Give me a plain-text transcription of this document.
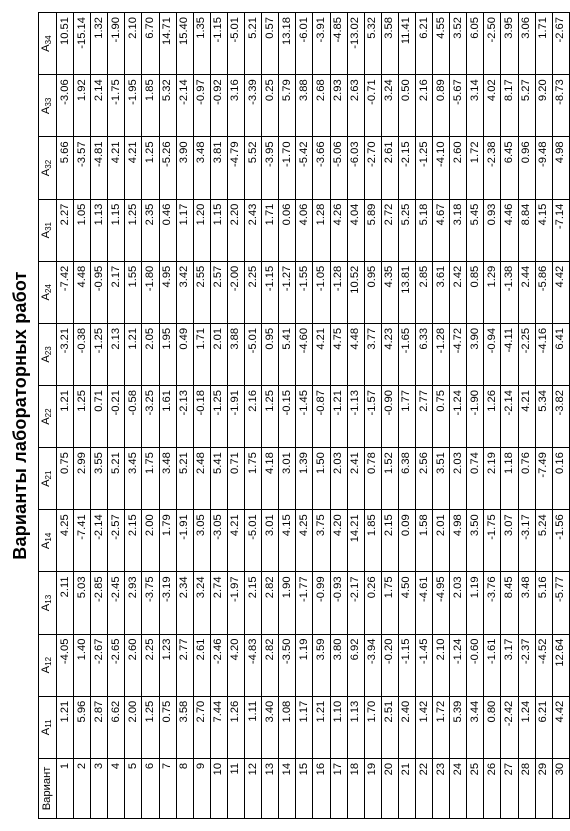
Варианты лабораторных работ
Вариант	$A_{11}$	$A_{12}$	$A_{13}$	$A_{14}$	$A_{21}$	$A_{22}$	$A_{23}$	$A_{24}$	$A_{31}$	$A_{32}$	$A_{33}$	$A_{34}$
1	1.21	-4.05	2.11	4.25	0.75	1.21	-3.21	-7.42	2.27	5.66	-3.06	10.51
2	5.96	1.40	5.03	-7.41	2.99	1.25	-0.38	4.48	1.05	-3.57	1.92	-15.14
3	2.87	-2.67	-2.85	-2.14	3.55	0.71	-1.25	-0.95	1.13	-4.81	2.14	1.32
4	6.62	-2.65	-2.45	-2.57	5.21	-0.21	2.13	2.17	1.15	4.21	-1.75	-1.90
5	2.00	2.60	2.93	2.15	3.45	-0.58	1.21	1.55	1.25	4.21	-1.95	2.10
6	1.25	2.25	-3.75	2.00	1.75	-3.25	2.05	-1.80	2.35	1.25	1.85	6.70
7	0.75	1.23	-3.19	1.79	3.48	1.61	1.95	4.95	0.46	-5.26	5.32	14.71
8	3.58	2.77	2.34	-1.91	5.21	-2.13	0.49	3.42	1.17	3.90	-2.14	15.40
9	2.70	2.61	3.24	3.05	2.48	-0.18	1.71	2.55	1.20	3.48	-0.97	1.35
10	7.44	-2.46	2.74	-3.05	5.41	-1.25	2.01	2.57	1.15	3.81	-0.92	-1.15
11	1.26	4.20	-1.97	4.21	0.71	-1.91	3.88	-2.00	2.20	-4.79	3.16	-5.01
12	1.11	-4.83	2.15	-5.01	1.75	2.16	-5.01	2.25	2.43	5.52	-3.39	5.21
13	3.40	2.82	2.82	3.01	4.18	1.25	0.95	-1.15	1.71	-3.95	0.25	0.57
14	1.08	-3.50	1.90	4.15	3.01	-0.15	5.41	-1.27	0.06	-1.70	5.79	13.18
15	1.17	1.19	-1.77	4.25	1.39	-1.45	-4.60	-1.55	4.06	-5.42	3.88	-6.01
16	1.21	3.59	-0.99	3.75	1.50	-0.87	4.21	-1.05	1.28	-3.66	2.68	-3.91
17	1.10	3.80	-0.93	4.20	2.03	-1.21	4.75	-1.28	4.26	-5.06	2.93	-4.85
18	1.13	6.92	-2.17	14.21	2.41	-1.13	4.48	10.52	4.04	-6.03	2.63	-13.02
19	1.70	-3.94	0.26	1.85	0.78	-1.57	3.77	0.95	5.89	-2.70	-0.71	5.32
20	2.51	-0.20	1.75	2.15	1.52	-0.90	4.23	4.35	2.72	2.61	3.24	3.58
21	2.40	-1.15	4.50	0.09	6.38	1.77	-1.65	13.81	5.25	-2.15	0.50	11.41
22	1.42	-1.45	-4.61	1.58	2.56	2.77	6.33	2.85	5.18	-1.25	2.16	6.21
23	1.72	2.10	-4.95	2.01	3.51	0.75	-1.28	3.61	4.67	-4.10	0.89	4.55
24	5.39	-1.24	2.03	4.98	2.03	-1.24	-4.72	2.42	3.18	2.60	-5.67	3.52
25	3.44	-0.60	1.19	3.50	0.74	-1.90	3.90	0.85	5.45	1.72	3.14	6.05
26	0.80	-1.61	-3.76	-1.75	2.19	1.26	-0.94	1.29	0.93	-2.38	4.02	-2.50
27	-2.42	3.17	8.45	3.07	1.18	-2.14	-4.11	-1.38	4.46	6.45	8.17	3.95
28	1.24	-2.37	3.48	-3.17	0.76	4.21	-2.25	2.44	8.84	0.96	5.27	3.06
29	6.21	-4.52	5.16	5.24	-7.49	5.34	-4.16	-5.86	4.15	-9.48	9.20	1.71
30	4.42	12.64	-5.77	-1.56	0.16	-3.82	6.41	4.42	-7.14	4.98	-8.73	-2.67
